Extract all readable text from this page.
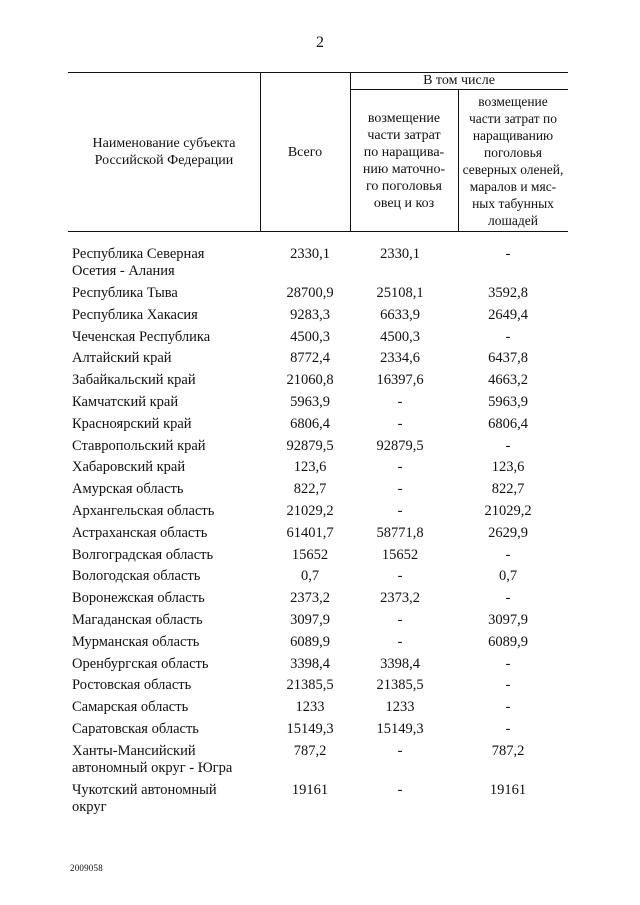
2
Наименование субъекта
Российской Федерации
Всего
В том числе
возмещение
части затрат
по наращива-
нию маточно-
го поголовья
овец и коз
возмещение
части затрат по
наращиванию
поголовья
северных оленей,
маралов и мяс-
ных табунных
лошадей
Республика Северная
Осетия - Алания
2330,1	2330,1	-
Республика Тыва	28700,9	25108,1	3592,8
Республика Хакасия	9283,3	6633,9	2649,4
Чеченская Республика	4500,3	4500,3	-
Алтайский край	8772,4	2334,6	6437,8
Забайкальский край	21060,8	16397,6	4663,2
Камчатский край	5963,9	-	5963,9
Красноярский край	6806,4	-	6806,4
Ставропольский край	92879,5	92879,5	-
Хабаровский край	123,6	-	123,6
Амурская область	822,7	-	822,7
Архангельская область	21029,2	-	21029,2
Астраханская область	61401,7	58771,8	2629,9
Волгоградская область	15652	15652	-
Вологодская область	0,7	-	0,7
Воронежская область	2373,2	2373,2	-
Магаданская область	3097,9	-	3097,9
Мурманская область	6089,9	-	6089,9
Оренбургская область	3398,4	3398,4	-
Ростовская область	21385,5	21385,5	-
Самарская область	1233	1233	-
Саратовская область	15149,3	15149,3	-
Ханты-Мансийский
автономный округ - Югра
787,2	-	787,2
Чукотский автономный
округ
19161	-	19161
2009058
